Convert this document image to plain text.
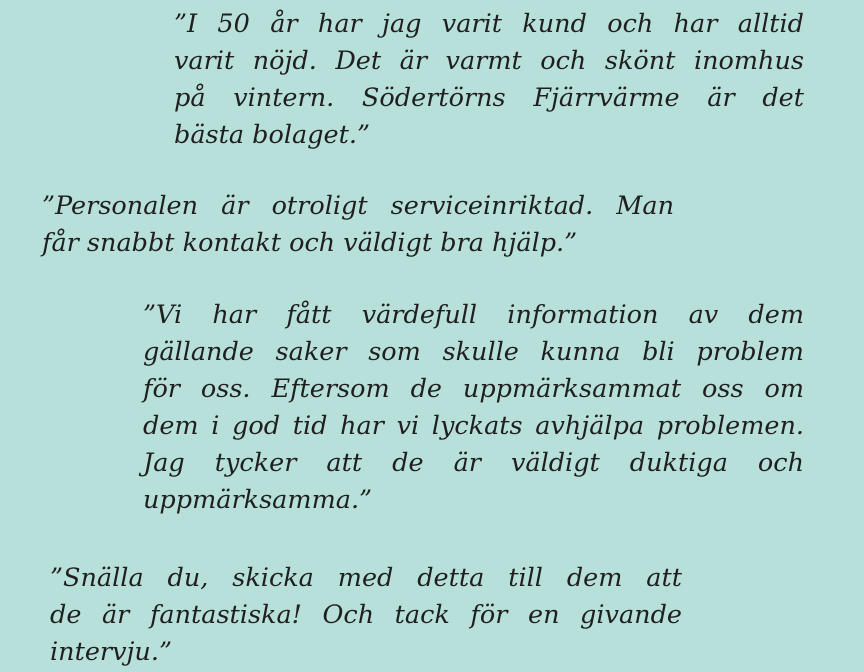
”I 50 år har jag varit kund och har alltid
varit nöjd. Det är varmt och skönt inomhus
på vintern. Södertörns Fjärrvärme är det
bästa bolaget.”

”Personalen är otroligt serviceinriktad. Man
får snabbt kontakt och väldigt bra hjälp.”

”Vi har fått värdefull information av dem
gällande saker som skulle kunna bli problem
för oss. Eftersom de uppmärksammat oss om
dem i god tid har vi lyckats avhjälpa problemen.
Jag tycker att de är väldigt duktiga och
uppmärksamma.”

”Snälla du, skicka med detta till dem att
de är fantastiska! Och tack för en givande
intervju.”
